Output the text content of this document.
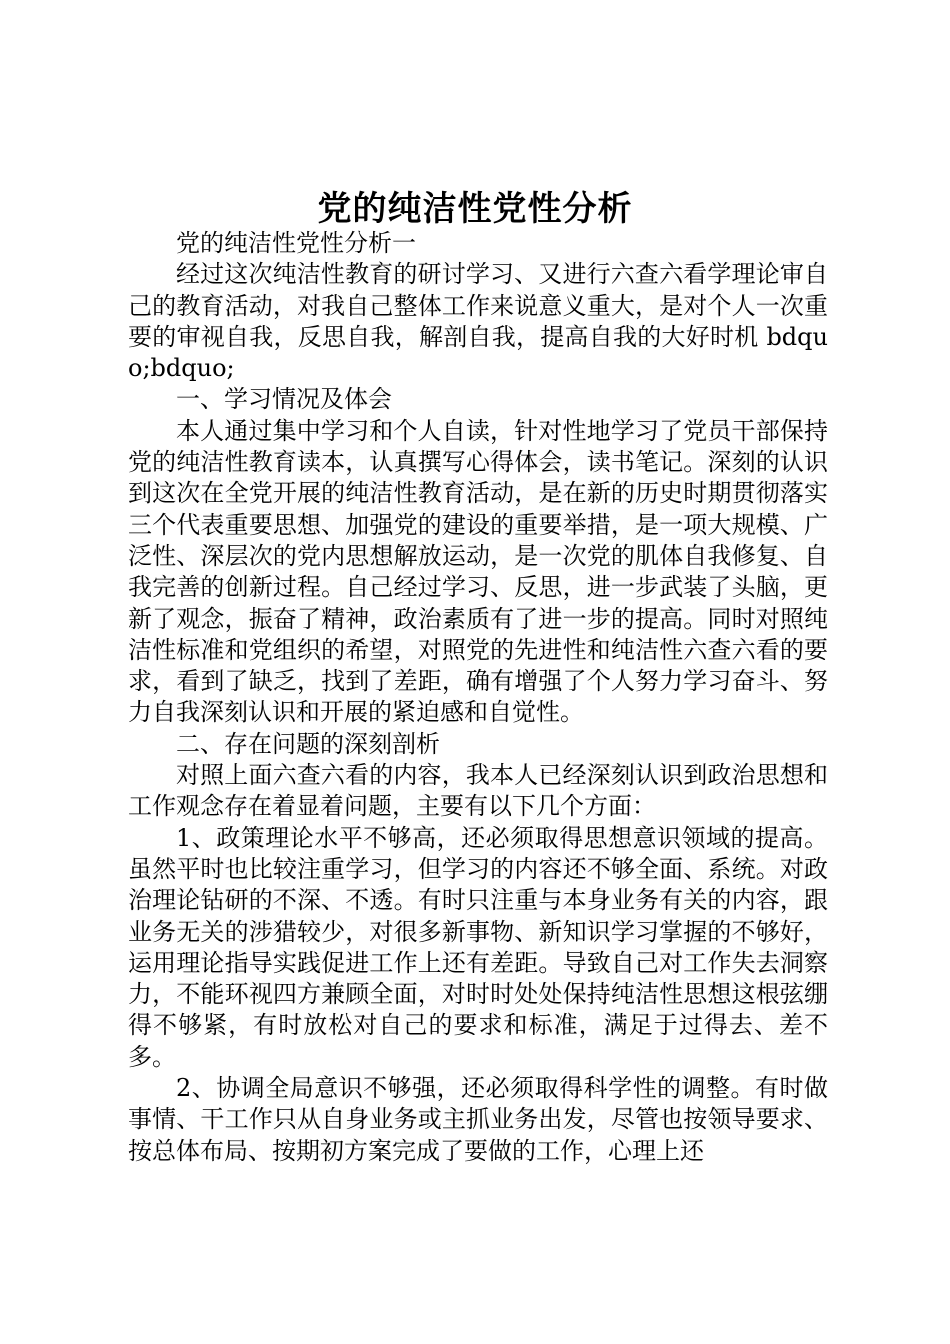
党的纯洁性党性分析

党的纯洁性党性分析一

经过这次纯洁性教育的研讨学习、又进行六查六看学理论审自己的教育活动，对我自己整体工作来说意义重大，是对个人一次重要的审视自我，反思自我，解剖自我，提高自我的大好时机 bdquo;bdquo;

一、学习情况及体会

本人通过集中学习和个人自读，针对性地学习了党员干部保持党的纯洁性教育读本，认真撰写心得体会，读书笔记。深刻的认识到这次在全党开展的纯洁性教育活动，是在新的历史时期贯彻落实三个代表重要思想、加强党的建设的重要举措，是一项大规模、广泛性、深层次的党内思想解放运动，是一次党的肌体自我修复、自我完善的创新过程。自己经过学习、反思，进一步武装了头脑，更新了观念，振奋了精神，政治素质有了进一步的提高。同时对照纯洁性标准和党组织的希望，对照党的先进性和纯洁性六查六看的要求，看到了缺乏，找到了差距，确有增强了个人努力学习奋斗、努力自我深刻认识和开展的紧迫感和自觉性。

二、存在问题的深刻剖析

对照上面六查六看的内容，我本人已经深刻认识到政治思想和工作观念存在着显着问题，主要有以下几个方面：

1、政策理论水平不够高，还必须取得思想意识领域的提高。虽然平时也比较注重学习，但学习的内容还不够全面、系统。对政治理论钻研的不深、不透。有时只注重与本身业务有关的内容，跟业务无关的涉猎较少，对很多新事物、新知识学习掌握的不够好，运用理论指导实践促进工作上还有差距。导致自己对工作失去洞察力，不能环视四方兼顾全面，对时时处处保持纯洁性思想这根弦绷得不够紧，有时放松对自己的要求和标准，满足于过得去、差不多。

2、协调全局意识不够强，还必须取得科学性的调整。有时做事情、干工作只从自身业务或主抓业务出发，尽管也按领导要求、按总体布局、按期初方案完成了要做的工作，心理上还
